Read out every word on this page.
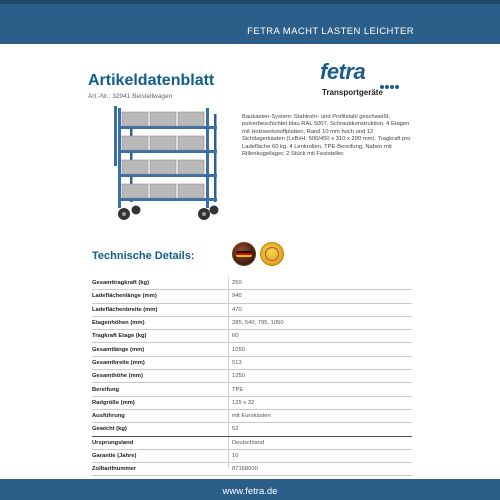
FETRA MACHT LASTEN LEICHTER
Artikeldatenblatt
Art.-Nr.: 32941 Beistellwagen
fetra
Transportgeräte

Baukasten-System: Stahlrohr- und Profilstahl geschweißt, pulverbeschichtet blau RAL 5007, Schraubkonstruktion. 4 Etagen mit Holzwerkstoffplatten, Rand 10 mm hoch und 12 Sichtlagerkästen (LxBxH: 500/450 x 310 x 200 mm). Tragkraft pro Ladefläche 60 kg. 4 Lenkrollen, TPE-Bereifung, Naben mit Rillenkugellager, 2 Stück mit Feststeller.

Technische Details:
Gesamttragkraft (kg)	250
Ladeflächenlänge (mm)	940
Ladeflächenbreite (mm)	470
Etagenhöhen (mm)	285, 540, 795, 1050
Tragkraft Etage (kg)	60
Gesamtlänge (mm)	1050
Gesamtbreite (mm)	513
Gesamthöhe (mm)	1250
Bereifung	TPE
Radgröße (mm)	125 x 32
Ausführung	mit Eurokästen
Gewicht (kg)	52
Ursprungsland	Deutschland
Garantie (Jahre)	10
Zolltarifnummer	87168000

www.fetra.de
